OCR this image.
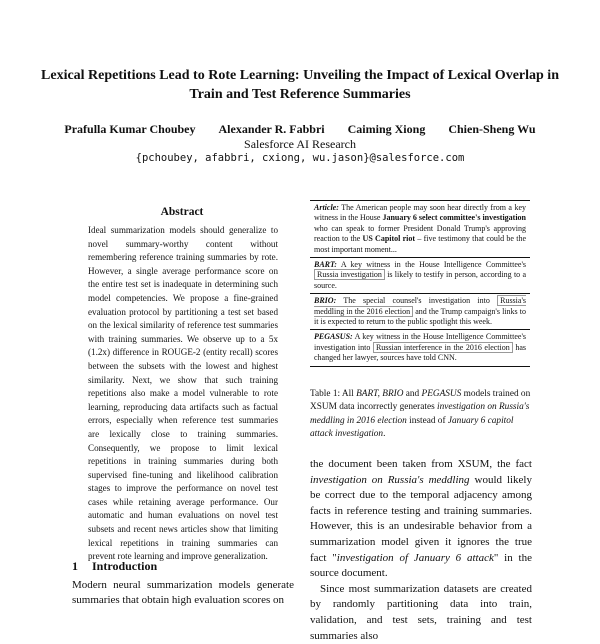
Lexical Repetitions Lead to Rote Learning: Unveiling the Impact of Lexical Overlap in Train and Test Reference Summaries
Prafulla Kumar Choubey Alexander R. Fabbri Caiming Xiong Chien-Sheng Wu
Salesforce AI Research
{pchoubey, afabbri, cxiong, wu.jason}@salesforce.com
Abstract
Ideal summarization models should generalize to novel summary-worthy content without remembering reference training summaries by rote. However, a single average performance score on the entire test set is inadequate in determining such model competencies. We propose a fine-grained evaluation protocol by partitioning a test set based on the lexical similarity of reference test summaries with training summaries. We observe up to a 5x (1.2x) difference in ROUGE-2 (entity recall) scores between the subsets with the lowest and highest similarity. Next, we show that such training repetitions also make a model vulnerable to rote learning, reproducing data artifacts such as factual errors, especially when reference test summaries are lexically close to training summaries. Consequently, we propose to limit lexical repetitions in training summaries during both supervised fine-tuning and likelihood calibration stages to improve the performance on novel test cases while retaining average performance. Our automatic and human evaluations on novel test subsets and recent news articles show that limiting lexical repetitions in training summaries can prevent rote learning and improve generalization.
1 Introduction
Modern neural summarization models generate summaries that obtain high evaluation scores on
Article: The American people may soon hear directly from a key witness in the House January 6 select committee's investigation who can speak to former President Donald Trump's approving reaction to the US Capitol riot – five testimony that could be the most important moment...
BART: A key witness in the House Intelligence Committee's Russia investigation is likely to testify in person, according to a source.
BRIO: The special counsel's investigation into Russia's meddling in the 2016 election and the Trump campaign's links to it is expected to return to the public spotlight this week.
PEGASUS: A key witness in the House Intelligence Committee's investigation into Russian interference in the 2016 election has changed her lawyer, sources have told CNN.
Table 1: All BART, BRIO and PEGASUS models trained on XSUM data incorrectly generates investigation on Russia's meddling in 2016 election instead of January 6 capitol attack investigation.
the document been taken from XSUM, the fact investigation on Russia's meddling would likely be correct due to the temporal adjacency among facts in reference testing and training summaries. However, this is an undesirable behavior from a summarization model given it ignores the true fact "investigation of January 6 attack" in the source document.
Since most summarization datasets are created by randomly partitioning data into train, validation, and test sets, training and test summaries also
